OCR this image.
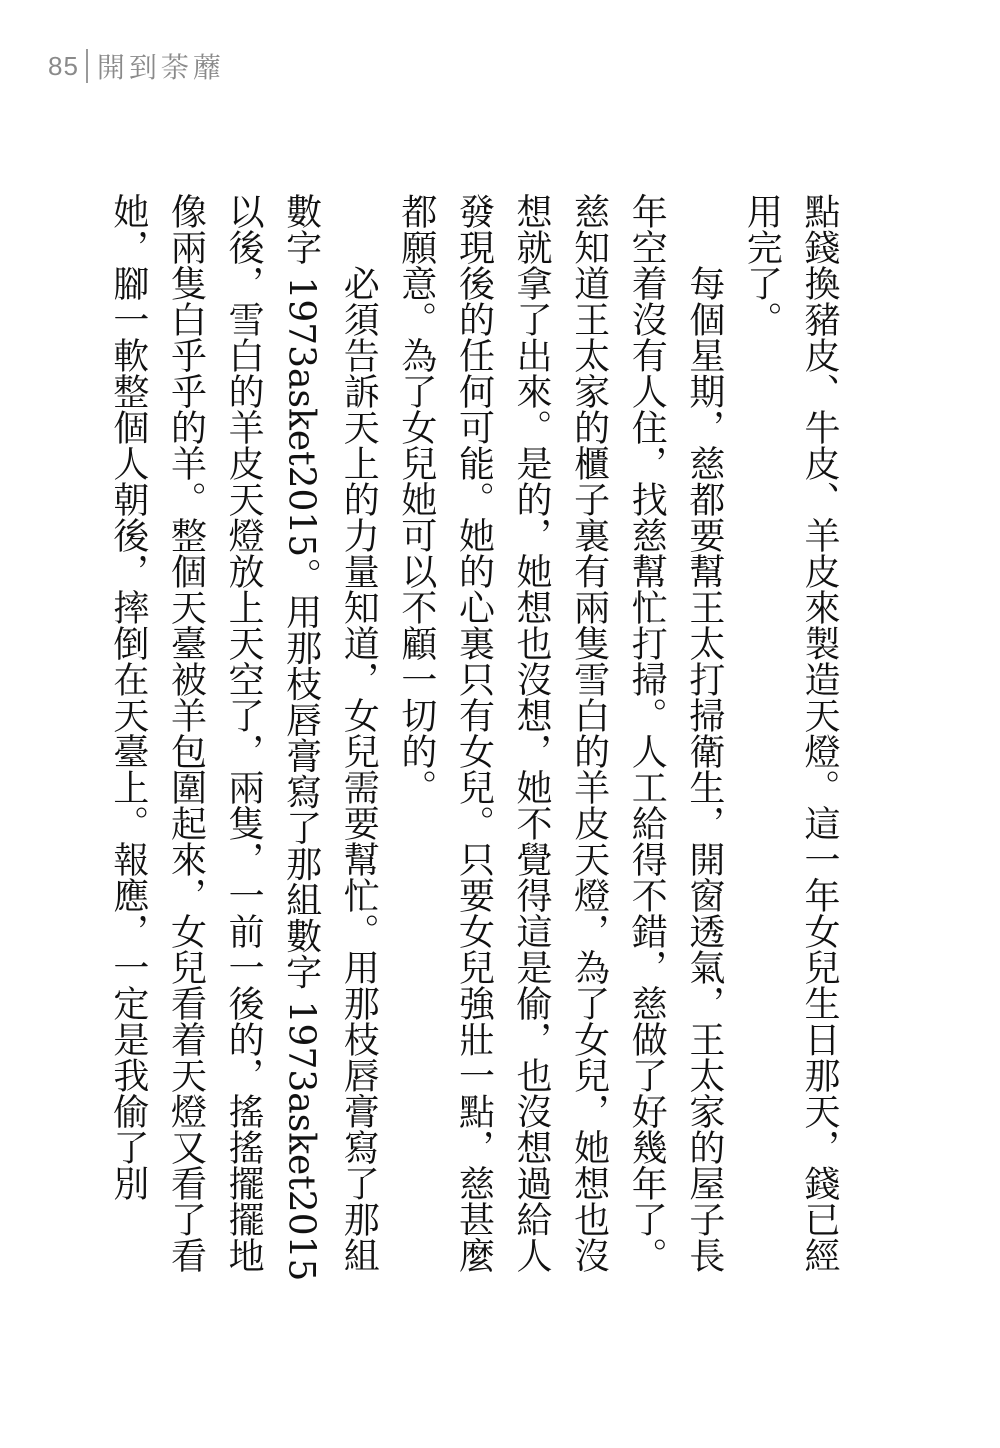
85 開到荼蘼

點錢換豬皮、牛皮、羊皮來製造天燈。這一年女兒生日那天，錢已經用完了。

每個星期，慈都要幫王太打掃衛生，開窗透氣，王太家的屋子長年空着沒有人住，找慈幫忙打掃。人工給得不錯，慈做了好幾年了。慈知道王太家的櫃子裏有兩隻雪白的羊皮天燈，為了女兒，她想也沒想就拿了出來。是的，她想也沒想，她不覺得這是偷，也沒想過給人發現後的任何可能。她的心裏只有女兒。只要女兒強壯一點，慈甚麼都願意。為了女兒她可以不顧一切的。

必須告訴天上的力量知道，女兒需要幫忙。用那枝唇膏寫了那組數字 1973asket2015。用那枝唇膏寫了那組數字 1973asket2015 以後，雪白的羊皮天燈放上天空了，兩隻，一前一後的，搖搖擺擺地像兩隻白乎乎的羊。整個天臺被羊包圍起來，女兒看着天燈又看了看她，腳一軟整個人朝後，摔倒在天臺上。報應，一定是我偷了別
